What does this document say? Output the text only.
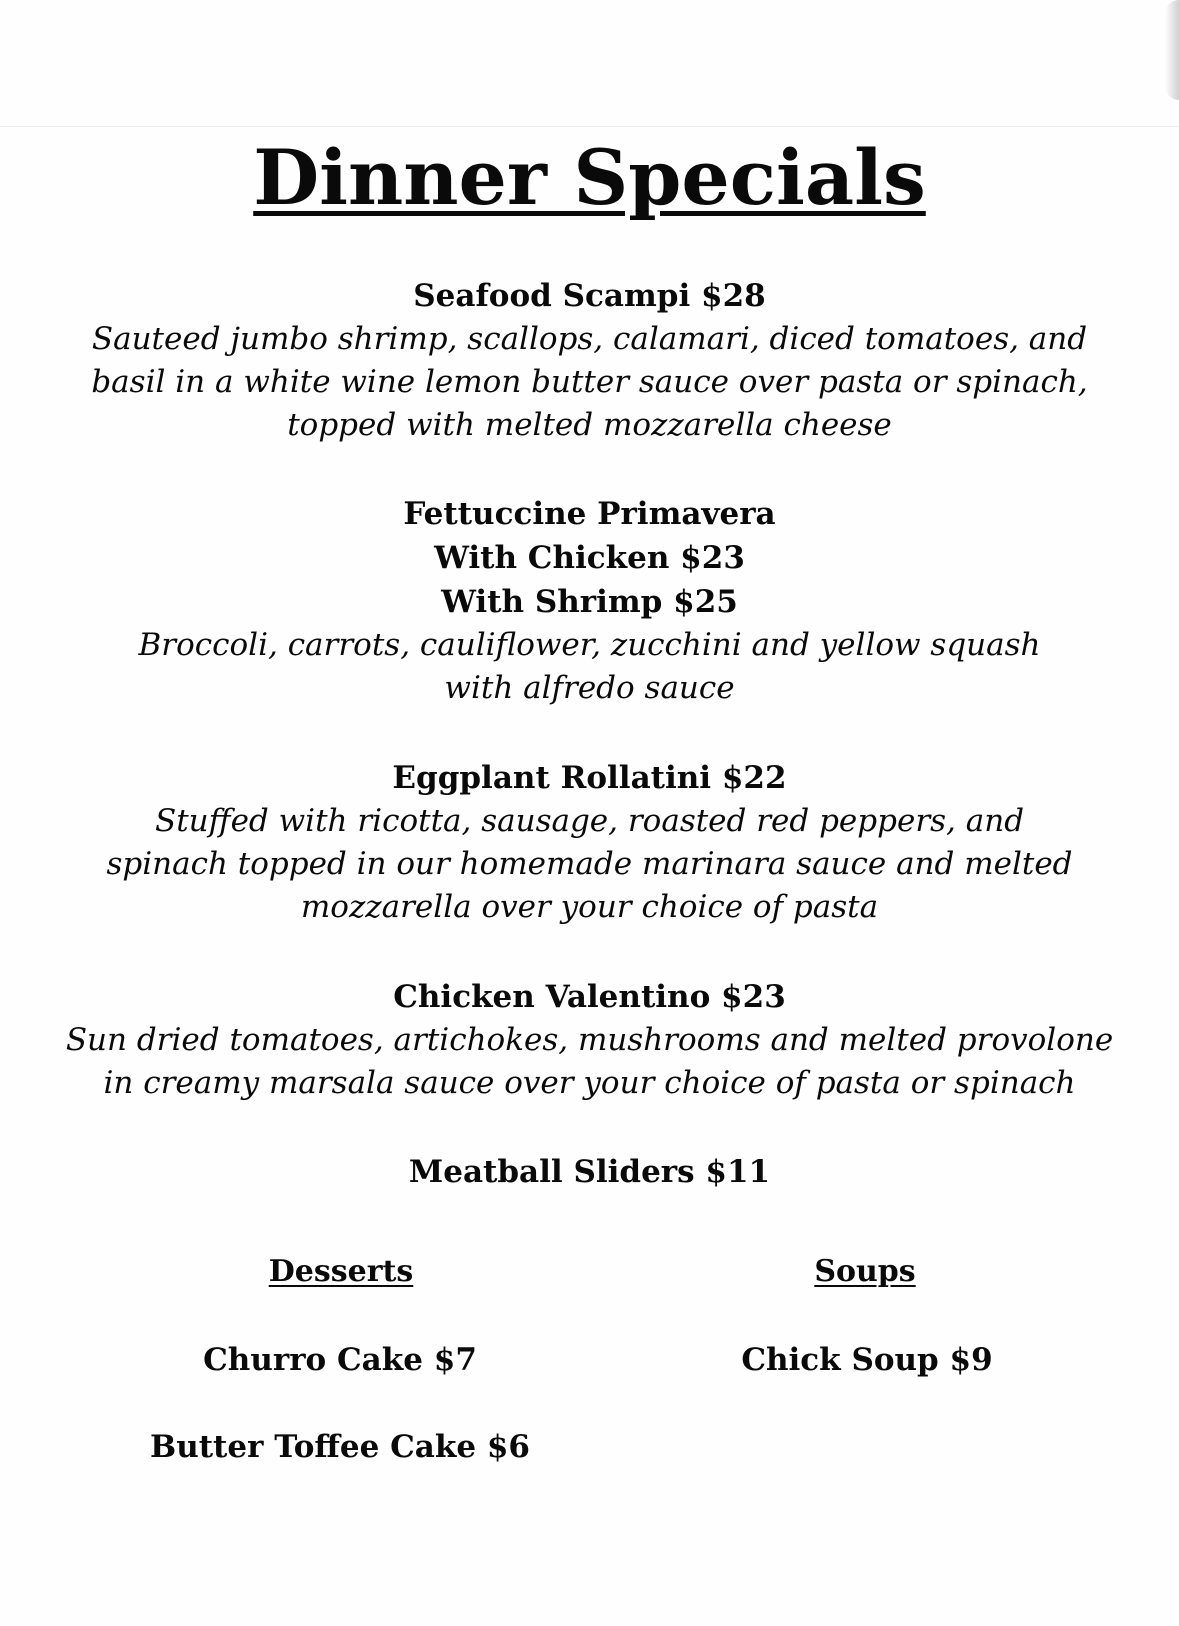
Dinner Specials

Seafood Scampi $28

Sauteed jumbo shrimp, scallops, calamari, diced tomatoes, and basil in a white wine lemon butter sauce over pasta or spinach, topped with melted mozzarella cheese

Fettuccine Primavera

With Chicken $23

With Shrimp $25

Broccoli, carrots, cauliflower, zucchini and yellow squash with alfredo sauce

Eggplant Rollatini $22

Stuffed with ricotta, sausage, roasted red peppers, and spinach topped in our homemade marinara sauce and melted mozzarella over your choice of pasta

Chicken Valentino $23

Sun dried tomatoes, artichokes, mushrooms and melted provolone in creamy marsala sauce over your choice of pasta or spinach

Meatball Sliders $11

Desserts	Soups

Churro Cake $7

Butter Toffee Cake $6

Chick Soup $9
